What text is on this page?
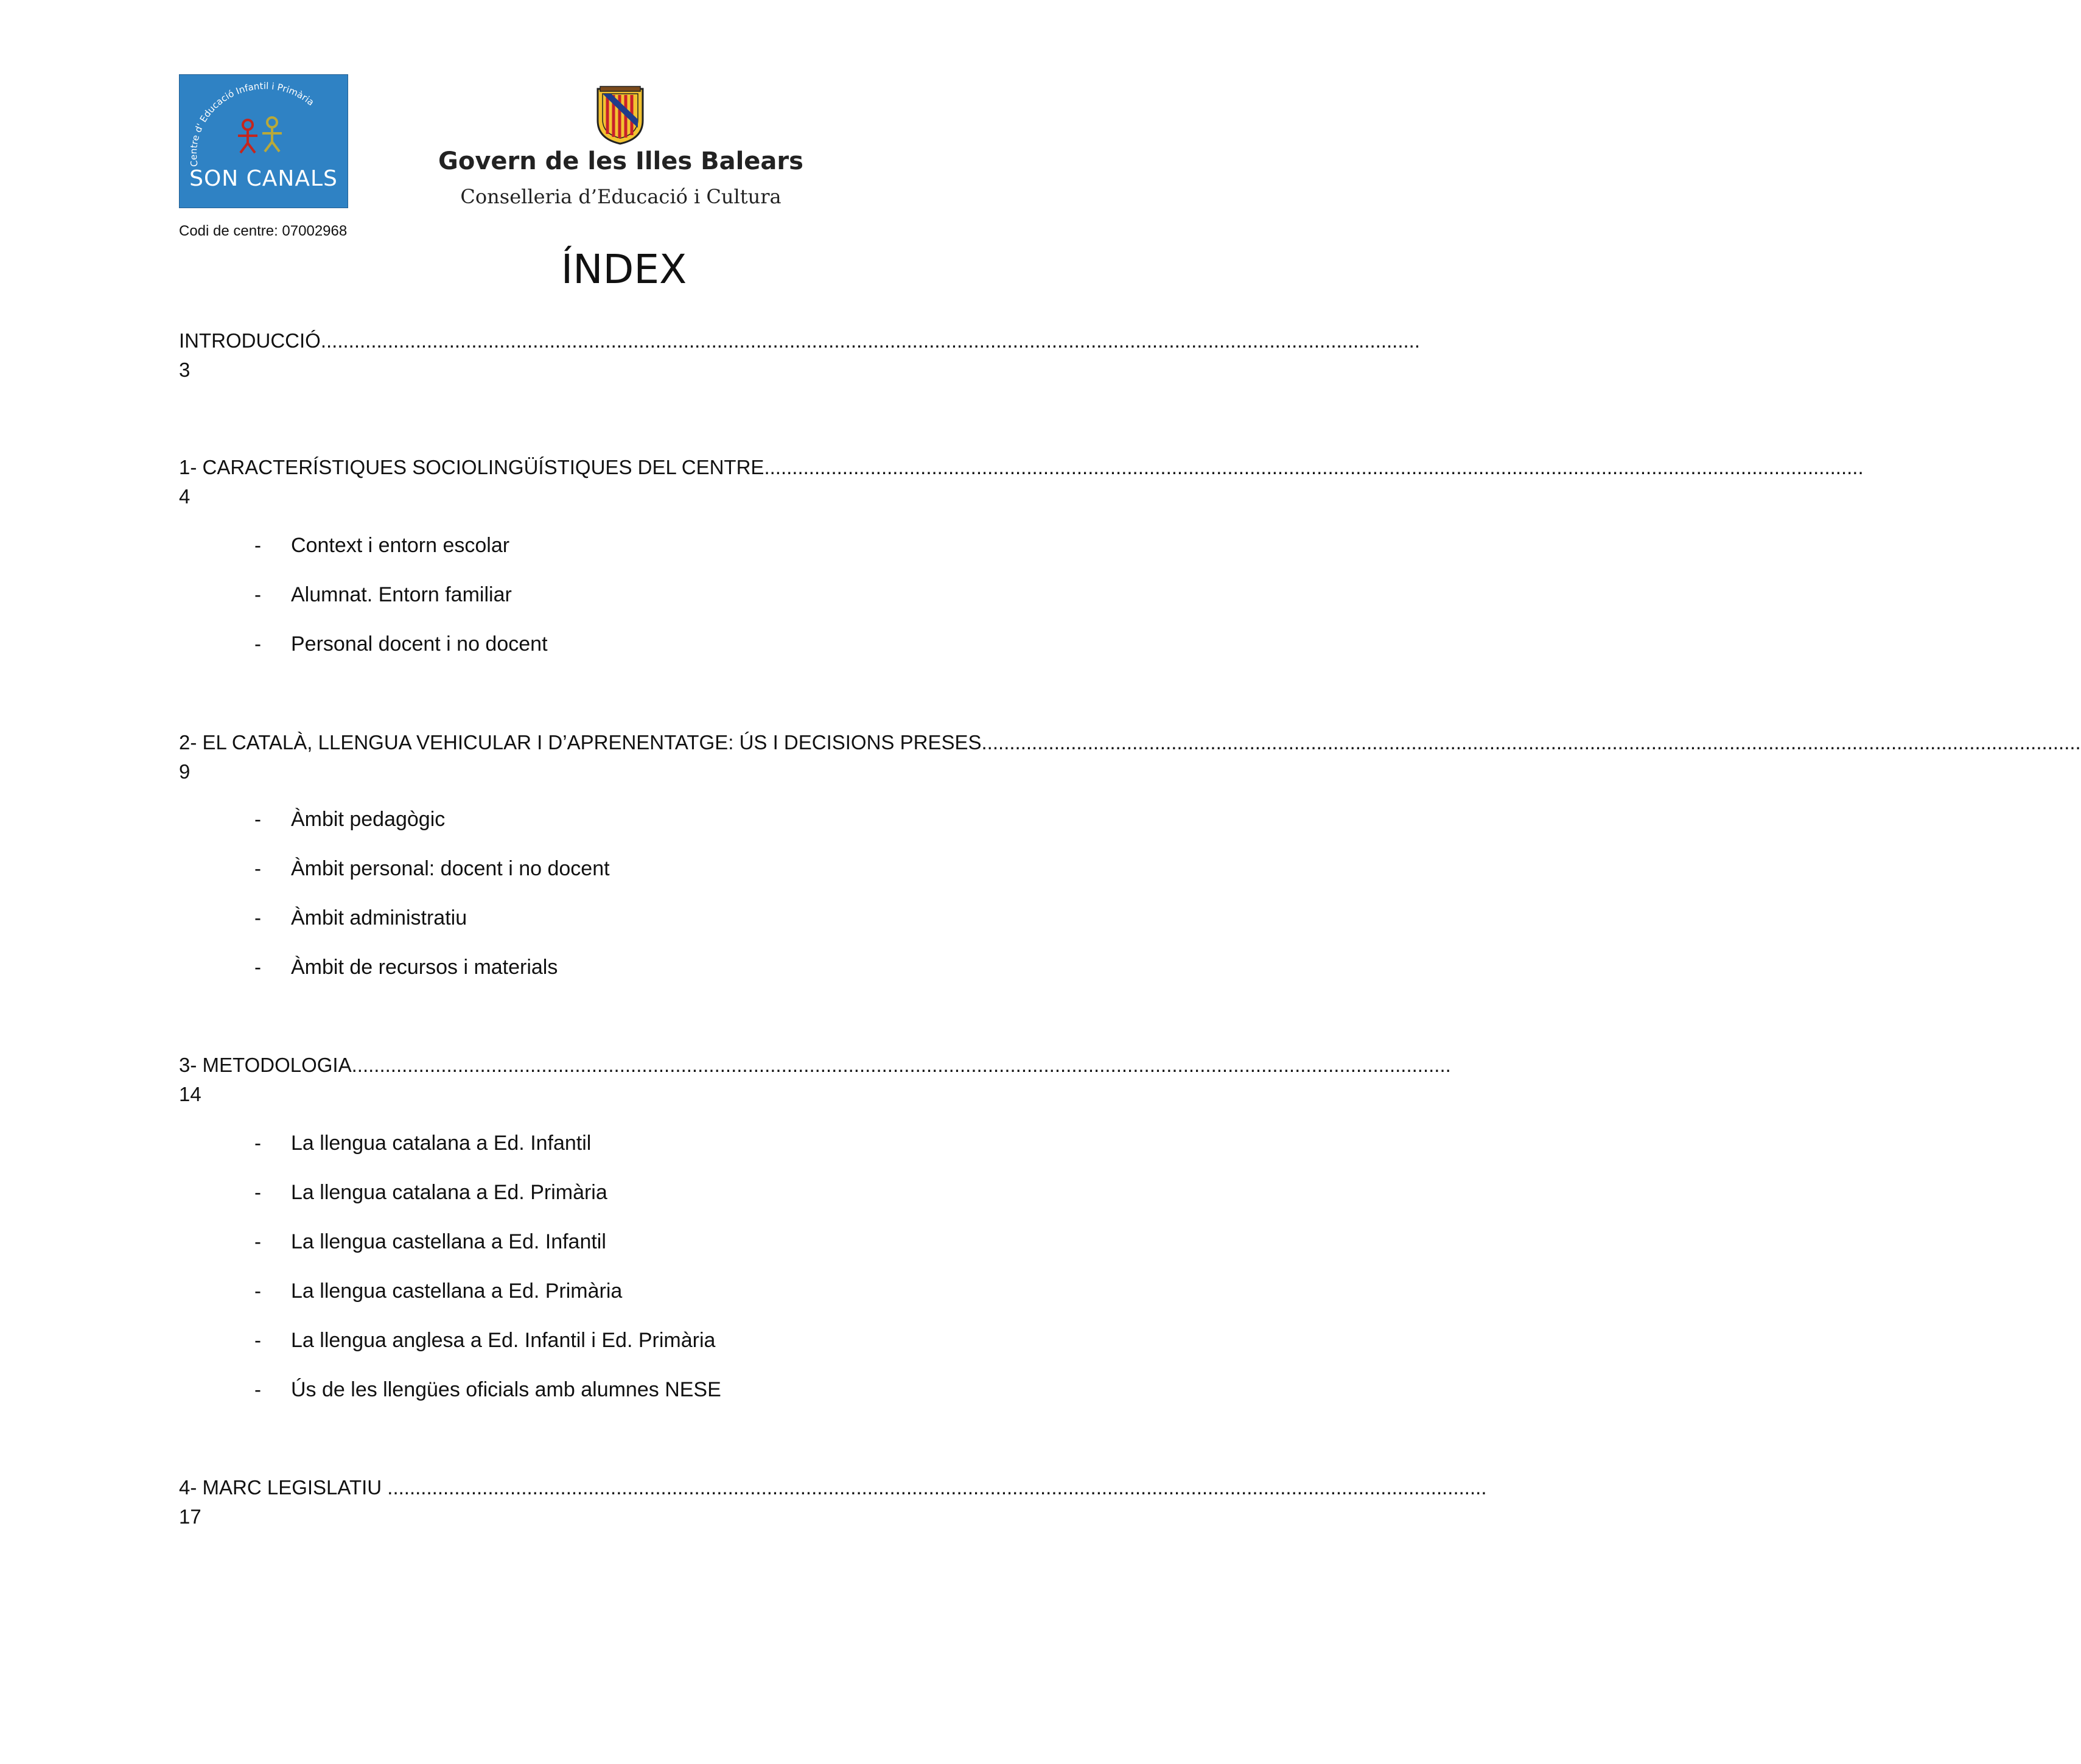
Centre d' Educació Infantil i Primària
SON CANALS
Codi de centre: 07002968
Govern de les Illes Balears
Conselleria d’Educació i Cultura
ÍNDEX
INTRODUCCIÓ.....................................................................................................................................................................................................
3
1- CARACTERÍSTIQUES SOCIOLINGÜÍSTIQUES DEL CENTRE.....................................................................................................................................................................................................
4
- Context i entorn escolar
- Alumnat. Entorn familiar
- Personal docent i no docent
2- EL CATALÀ, LLENGUA VEHICULAR I D’APRENENTATGE: ÚS I DECISIONS PRESES.....................................................................................................................................................................................................
9
- Àmbit pedagògic
- Àmbit personal: docent i no docent
- Àmbit administratiu
- Àmbit de recursos i materials
3- METODOLOGIA.....................................................................................................................................................................................................
14
- La llengua catalana a Ed. Infantil
- La llengua catalana a Ed. Primària
- La llengua castellana a Ed. Infantil
- La llengua castellana a Ed. Primària
- La llengua anglesa a Ed. Infantil i Ed. Primària
- Ús de les llengües oficials amb alumnes NESE
4- MARC LEGISLATIU .....................................................................................................................................................................................................
17
